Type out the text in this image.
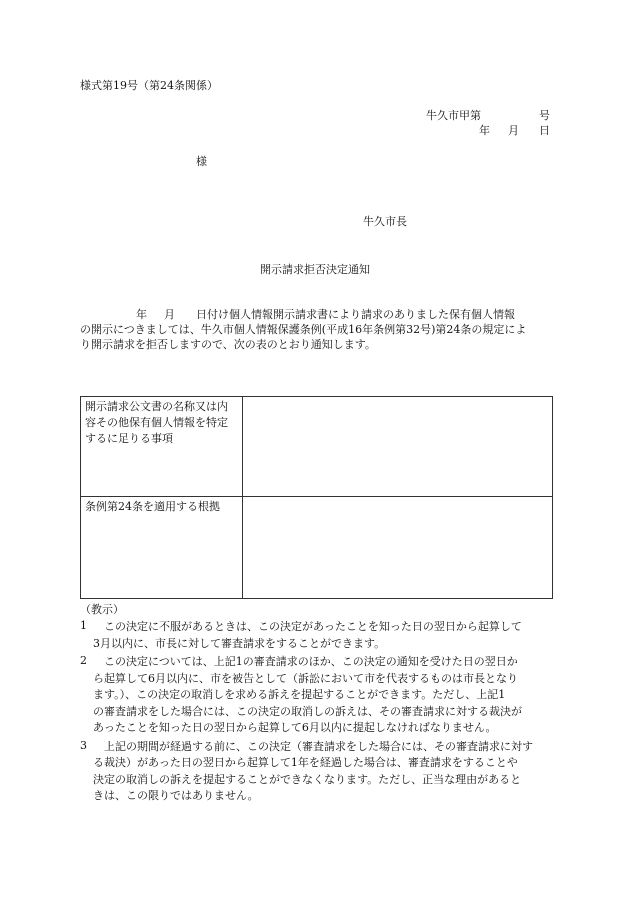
様式第19号（第24条関係）
牛久市甲第	号
年 月 日
様
牛久市長
開示請求拒否決定通知
年 月 日付け個人情報開示請求書により請求のありました保有個人情報
の開示につきましては、牛久市個人情報保護条例(平成16年条例第32号)第24条の規定によ
り開示請求を拒否しますので、次の表のとおり通知します。
開示請求公文書の名称又は内
容その他保有個人情報を特定
するに足りる事項	

条例第24条を適用する根拠	

（教示）
1	この決定に不服があるときは、この決定があったことを知った日の翌日から起算して
3月以内に、市長に対して審査請求をすることができます。
2	この決定については、上記1の審査請求のほか、この決定の通知を受けた日の翌日か
ら起算して6月以内に、市を被告として（訴訟において市を代表するものは市長となり
ます。）、この決定の取消しを求める訴えを提起することができます。ただし、上記1
の審査請求をした場合には、この決定の取消しの訴えは、その審査請求に対する裁決が
あったことを知った日の翌日から起算して6月以内に提起しなければなりません。
3	上記の期間が経過する前に、この決定（審査請求をした場合には、その審査請求に対す
る裁決）があった日の翌日から起算して1年を経過した場合は、審査請求をすることや
決定の取消しの訴えを提起することができなくなります。ただし、正当な理由があると
きは、この限りではありません。
